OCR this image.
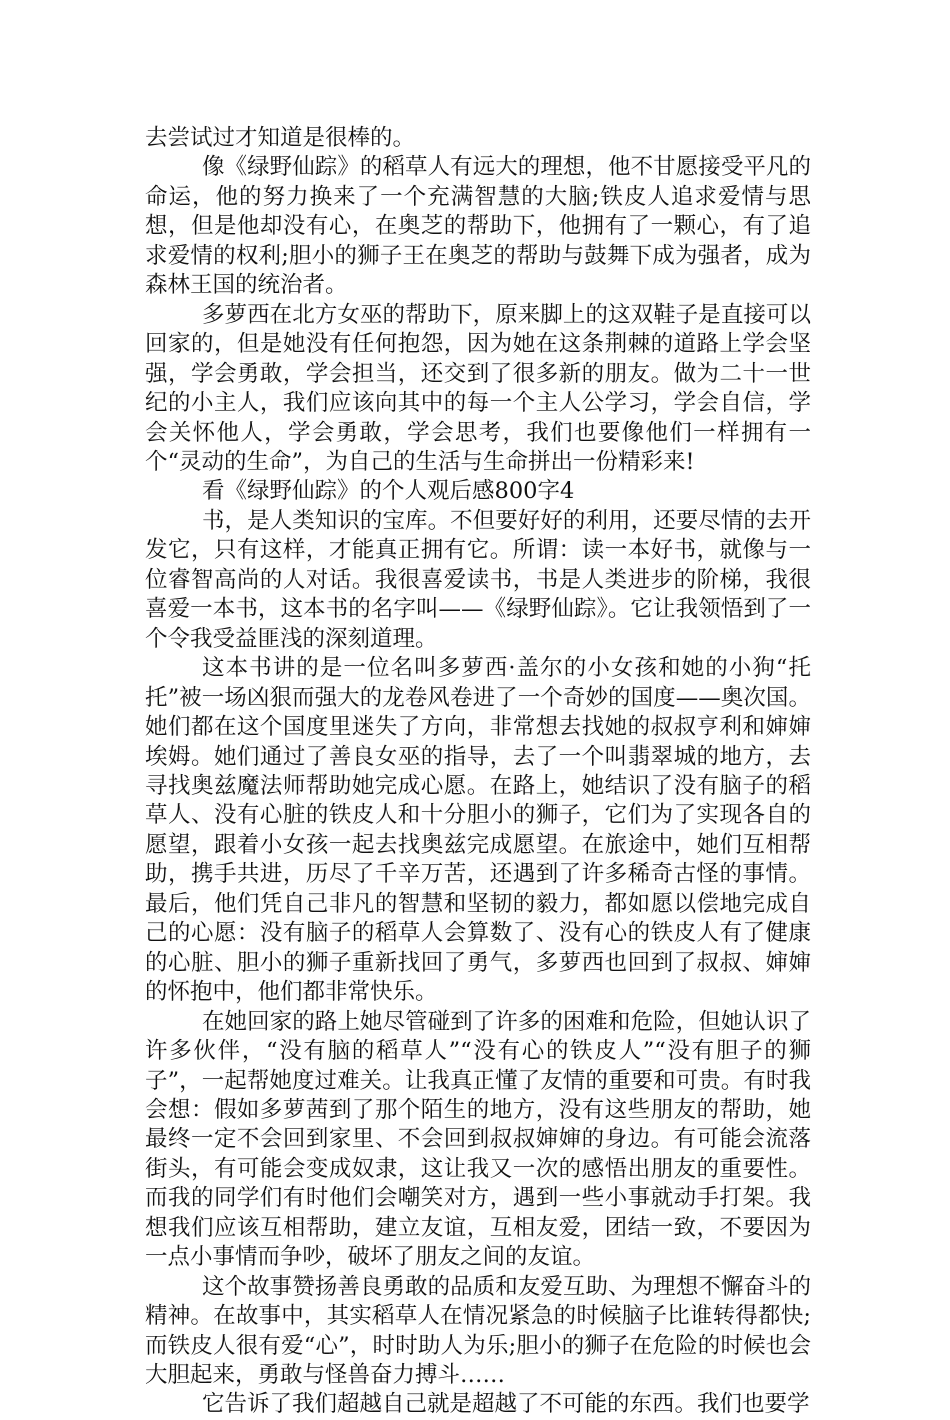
去尝试过才知道是很棒的。

像《绿野仙踪》的稻草人有远大的理想，他不甘愿接受平凡的命运，他的努力换来了一个充满智慧的大脑;铁皮人追求爱情与思想，但是他却没有心，在奥芝的帮助下，他拥有了一颗心，有了追求爱情的权利;胆小的狮子王在奥芝的帮助与鼓舞下成为强者，成为森林王国的统治者。

多萝西在北方女巫的帮助下，原来脚上的这双鞋子是直接可以回家的，但是她没有任何抱怨，因为她在这条荆棘的道路上学会坚强，学会勇敢，学会担当，还交到了很多新的朋友。做为二十一世纪的小主人，我们应该向其中的每一个主人公学习，学会自信，学会关怀他人，学会勇敢，学会思考，我们也要像他们一样拥有一个“灵动的生命”，为自己的生活与生命拼出一份精彩来!

看《绿野仙踪》的个人观后感800字4

书，是人类知识的宝库。不但要好好的利用，还要尽情的去开发它，只有这样，才能真正拥有它。所谓：读一本好书，就像与一位睿智高尚的人对话。我很喜爱读书，书是人类进步的阶梯，我很喜爱一本书，这本书的名字叫——《绿野仙踪》。它让我领悟到了一个令我受益匪浅的深刻道理。

这本书讲的是一位名叫多萝西·盖尔的小女孩和她的小狗“托托”被一场凶狠而强大的龙卷风卷进了一个奇妙的国度——奥次国。她们都在这个国度里迷失了方向，非常想去找她的叔叔亨利和婶婶埃姆。她们通过了善良女巫的指导，去了一个叫翡翠城的地方，去寻找奥兹魔法师帮助她完成心愿。在路上，她结识了没有脑子的稻草人、没有心脏的铁皮人和十分胆小的狮子，它们为了实现各自的愿望，跟着小女孩一起去找奥兹完成愿望。在旅途中，她们互相帮助，携手共进，历尽了千辛万苦，还遇到了许多稀奇古怪的事情。最后，他们凭自己非凡的智慧和坚韧的毅力，都如愿以偿地完成自己的心愿：没有脑子的稻草人会算数了、没有心的铁皮人有了健康的心脏、胆小的狮子重新找回了勇气，多萝西也回到了叔叔、婶婶的怀抱中，他们都非常快乐。

在她回家的路上她尽管碰到了许多的困难和危险，但她认识了许多伙伴，“没有脑的稻草人”“没有心的铁皮人”“没有胆子的狮子”，一起帮她度过难关。让我真正懂了友情的重要和可贵。有时我会想：假如多萝茜到了那个陌生的地方，没有这些朋友的帮助，她最终一定不会回到家里、不会回到叔叔婶婶的身边。有可能会流落街头，有可能会变成奴隶，这让我又一次的感悟出朋友的重要性。而我的同学们有时他们会嘲笑对方，遇到一些小事就动手打架。我想我们应该互相帮助，建立友谊，互相友爱，团结一致，不要因为一点小事情而争吵，破坏了朋友之间的友谊。

这个故事赞扬善良勇敢的品质和友爱互助、为理想不懈奋斗的精神。在故事中，其实稻草人在情况紧急的时候脑子比谁转得都快;而铁皮人很有爱“心”，时时助人为乐;胆小的狮子在危险的时候也会大胆起来，勇敢与怪兽奋力搏斗……

它告诉了我们超越自己就是超越了不可能的东西。我们也要学
